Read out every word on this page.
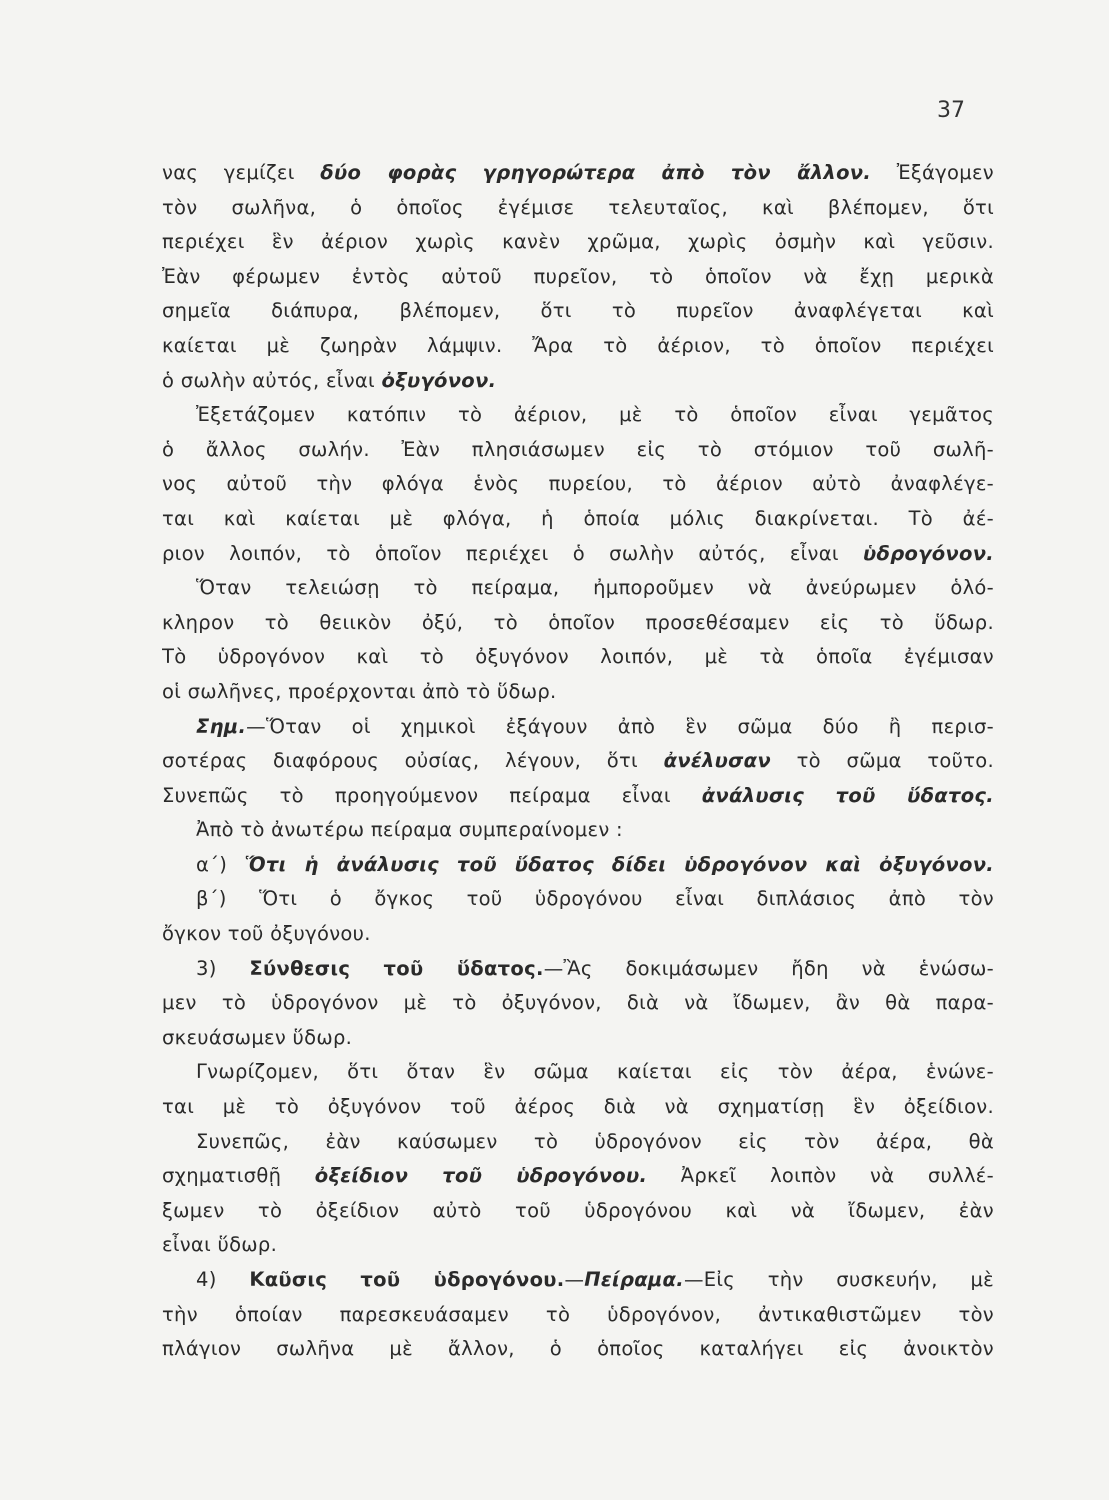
37
νας γεμίζει δύο φορὰς γρηγορώτερα ἀπὸ τὸν ἄλλον. Ἐξάγομεν
τὸν σωλῆνα, ὁ ὁποῖος ἐγέμισε τελευταῖος, καὶ βλέπομεν, ὅτι
περιέχει ἓν ἀέριον χωρὶς κανὲν χρῶμα, χωρὶς ὀσμὴν καὶ γεῦσιν.
Ἐὰν φέρωμεν ἐντὸς αὐτοῦ πυρεῖον, τὸ ὁποῖον νὰ ἔχῃ μερικὰ
σημεῖα διάπυρα, βλέπομεν, ὅτι τὸ πυρεῖον ἀναφλέγεται καὶ
καίεται μὲ ζωηρὰν λάμψιν. Ἄρα τὸ ἀέριον, τὸ ὁποῖον περιέχει
ὁ σωλὴν αὐτός, εἶναι ὀξυγόνον.
Ἐξετάζομεν κατόπιν τὸ ἀέριον, μὲ τὸ ὁποῖον εἶναι γεμᾶτος
ὁ ἄλλος σωλήν. Ἐὰν πλησιάσωμεν εἰς τὸ στόμιον τοῦ σωλῆ-
νος αὐτοῦ τὴν φλόγα ἑνὸς πυρείου, τὸ ἀέριον αὐτὸ ἀναφλέγε-
ται καὶ καίεται μὲ φλόγα, ἡ ὁποία μόλις διακρίνεται. Τὸ ἀέ-
ριον λοιπόν, τὸ ὁποῖον περιέχει ὁ σωλὴν αὐτός, εἶναι ὑδρογόνον.
Ὅταν τελειώσῃ τὸ πείραμα, ἠμποροῦμεν νὰ ἀνεύρωμεν ὁλό-
κληρον τὸ θειικὸν ὀξύ, τὸ ὁποῖον προσεθέσαμεν εἰς τὸ ὕδωρ.
Τὸ ὑδρογόνον καὶ τὸ ὀξυγόνον λοιπόν, μὲ τὰ ὁποῖα ἐγέμισαν
οἱ σωλῆνες, προέρχονται ἀπὸ τὸ ὕδωρ.
Σημ.—Ὅταν οἱ χημικοὶ ἐξάγουν ἀπὸ ἓν σῶμα δύο ἢ περισ-
σοτέρας διαφόρους οὐσίας, λέγουν, ὅτι ἀνέλυσαν τὸ σῶμα τοῦτο.
Συνεπῶς τὸ προηγούμενον πείραμα εἶναι ἀνάλυσις τοῦ ὕδατος.
Ἀπὸ τὸ ἀνωτέρω πείραμα συμπεραίνομεν :
α΄) Ὅτι ἡ ἀνάλυσις τοῦ ὕδατος δίδει ὑδρογόνον καὶ ὀξυγόνον.
β΄) Ὅτι ὁ ὄγκος τοῦ ὑδρογόνου εἶναι διπλάσιος ἀπὸ τὸν
ὄγκον τοῦ ὀξυγόνου.
3) Σύνθεσις τοῦ ὕδατος.—Ἂς δοκιμάσωμεν ἤδη νὰ ἑνώσω-
μεν τὸ ὑδρογόνον μὲ τὸ ὀξυγόνον, διὰ νὰ ἴδωμεν, ἂν θὰ παρα-
σκευάσωμεν ὕδωρ.
Γνωρίζομεν, ὅτι ὅταν ἓν σῶμα καίεται εἰς τὸν ἀέρα, ἑνώνε-
ται μὲ τὸ ὀξυγόνον τοῦ ἀέρος διὰ νὰ σχηματίσῃ ἓν ὀξείδιον.
Συνεπῶς, ἐὰν καύσωμεν τὸ ὑδρογόνον εἰς τὸν ἀέρα, θὰ
σχηματισθῇ ὀξείδιον τοῦ ὑδρογόνου. Ἀρκεῖ λοιπὸν νὰ συλλέ-
ξωμεν τὸ ὀξείδιον αὐτὸ τοῦ ὑδρογόνου καὶ νὰ ἴδωμεν, ἐὰν
εἶναι ὕδωρ.
4) Καῦσις τοῦ ὑδρογόνου.—Πείραμα.—Εἰς τὴν συσκευήν, μὲ
τὴν ὁποίαν παρεσκευάσαμεν τὸ ὑδρογόνον, ἀντικαθιστῶμεν τὸν
πλάγιον σωλῆνα μὲ ἄλλον, ὁ ὁποῖος καταλήγει εἰς ἀνοικτὸν
